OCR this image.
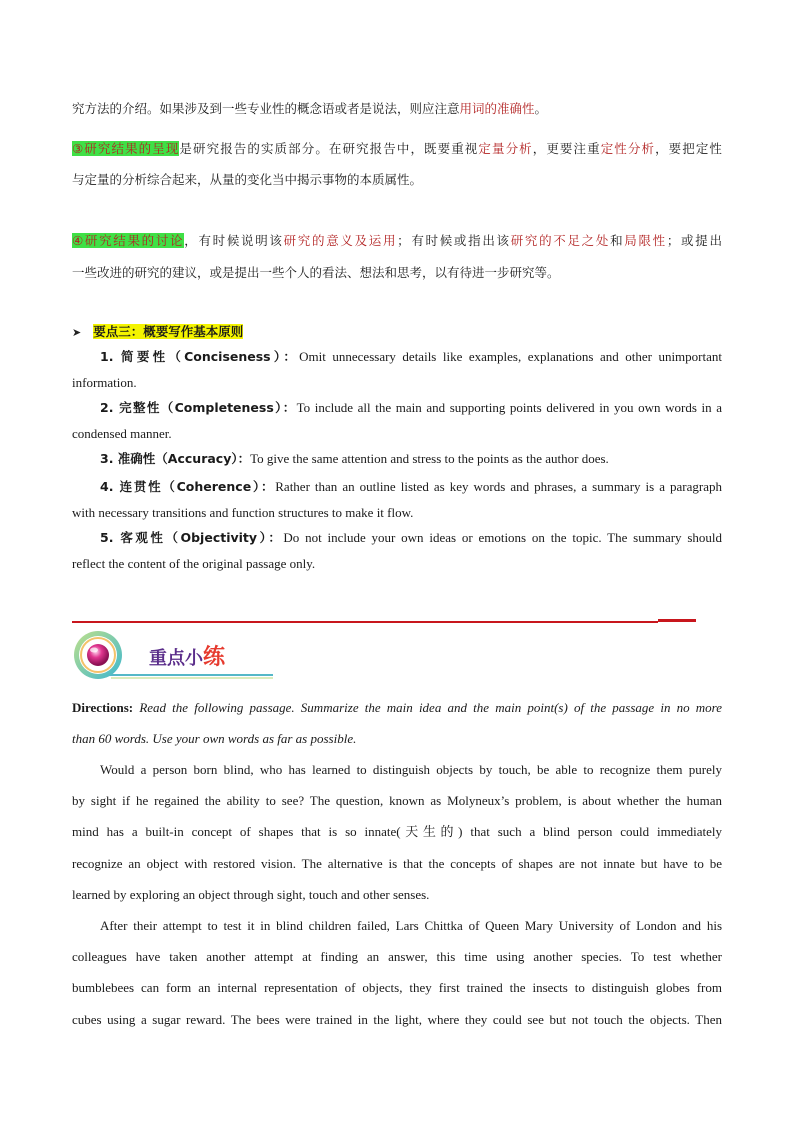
究方法的介绍。如果涉及到一些专业性的概念语或者是说法，则应注意用词的准确性。
③研究结果的呈现是研究报告的实质部分。在研究报告中，既要重视定量分析，更要注重定性分析，要把定性
与定量的分析综合起来，从量的变化当中揭示事物的本质属性。
④研究结果的讨论，有时候说明该研究的意义及运用；有时候或指出该研究的不足之处和局限性；或提出
一些改进的研究的建议，或是提出一些个人的看法、想法和思考，以有待进一步研究等。
➤ 要点三：概要写作基本原则
1. 简要性（Conciseness）：Omit unnecessary details like examples, explanations and other unimportant
information.
2. 完整性（Completeness）：To include all the main and supporting points delivered in you own words in a
condensed manner.
3. 准确性（Accuracy）：To give the same attention and stress to the points as the author does.
4. 连贯性（Coherence）：Rather than an outline listed as key words and phrases, a summary is a paragraph
with necessary transitions and function structures to make it flow.
5. 客观性（Objectivity）：Do not include your own ideas or emotions on the topic. The summary should
reflect the content of the original passage only.
重点小练
Directions: Read the following passage. Summarize the main idea and the main point(s) of the passage in no more
than 60 words. Use your own words as far as possible.
Would a person born blind, who has learned to distinguish objects by touch, be able to recognize them purely
by sight if he regained the ability to see? The question, known as Molyneux’s problem, is about whether the human
mind has a built-in concept of shapes that is so innate(天生的) that such a blind person could immediately
recognize an object with restored vision. The alternative is that the concepts of shapes are not innate but have to be
learned by exploring an object through sight, touch and other senses.
After their attempt to test it in blind children failed, Lars Chittka of Queen Mary University of London and his
colleagues have taken another attempt at finding an answer, this time using another species. To test whether
bumblebees can form an internal representation of objects, they first trained the insects to distinguish globes from
cubes using a sugar reward. The bees were trained in the light, where they could see but not touch the objects. Then
